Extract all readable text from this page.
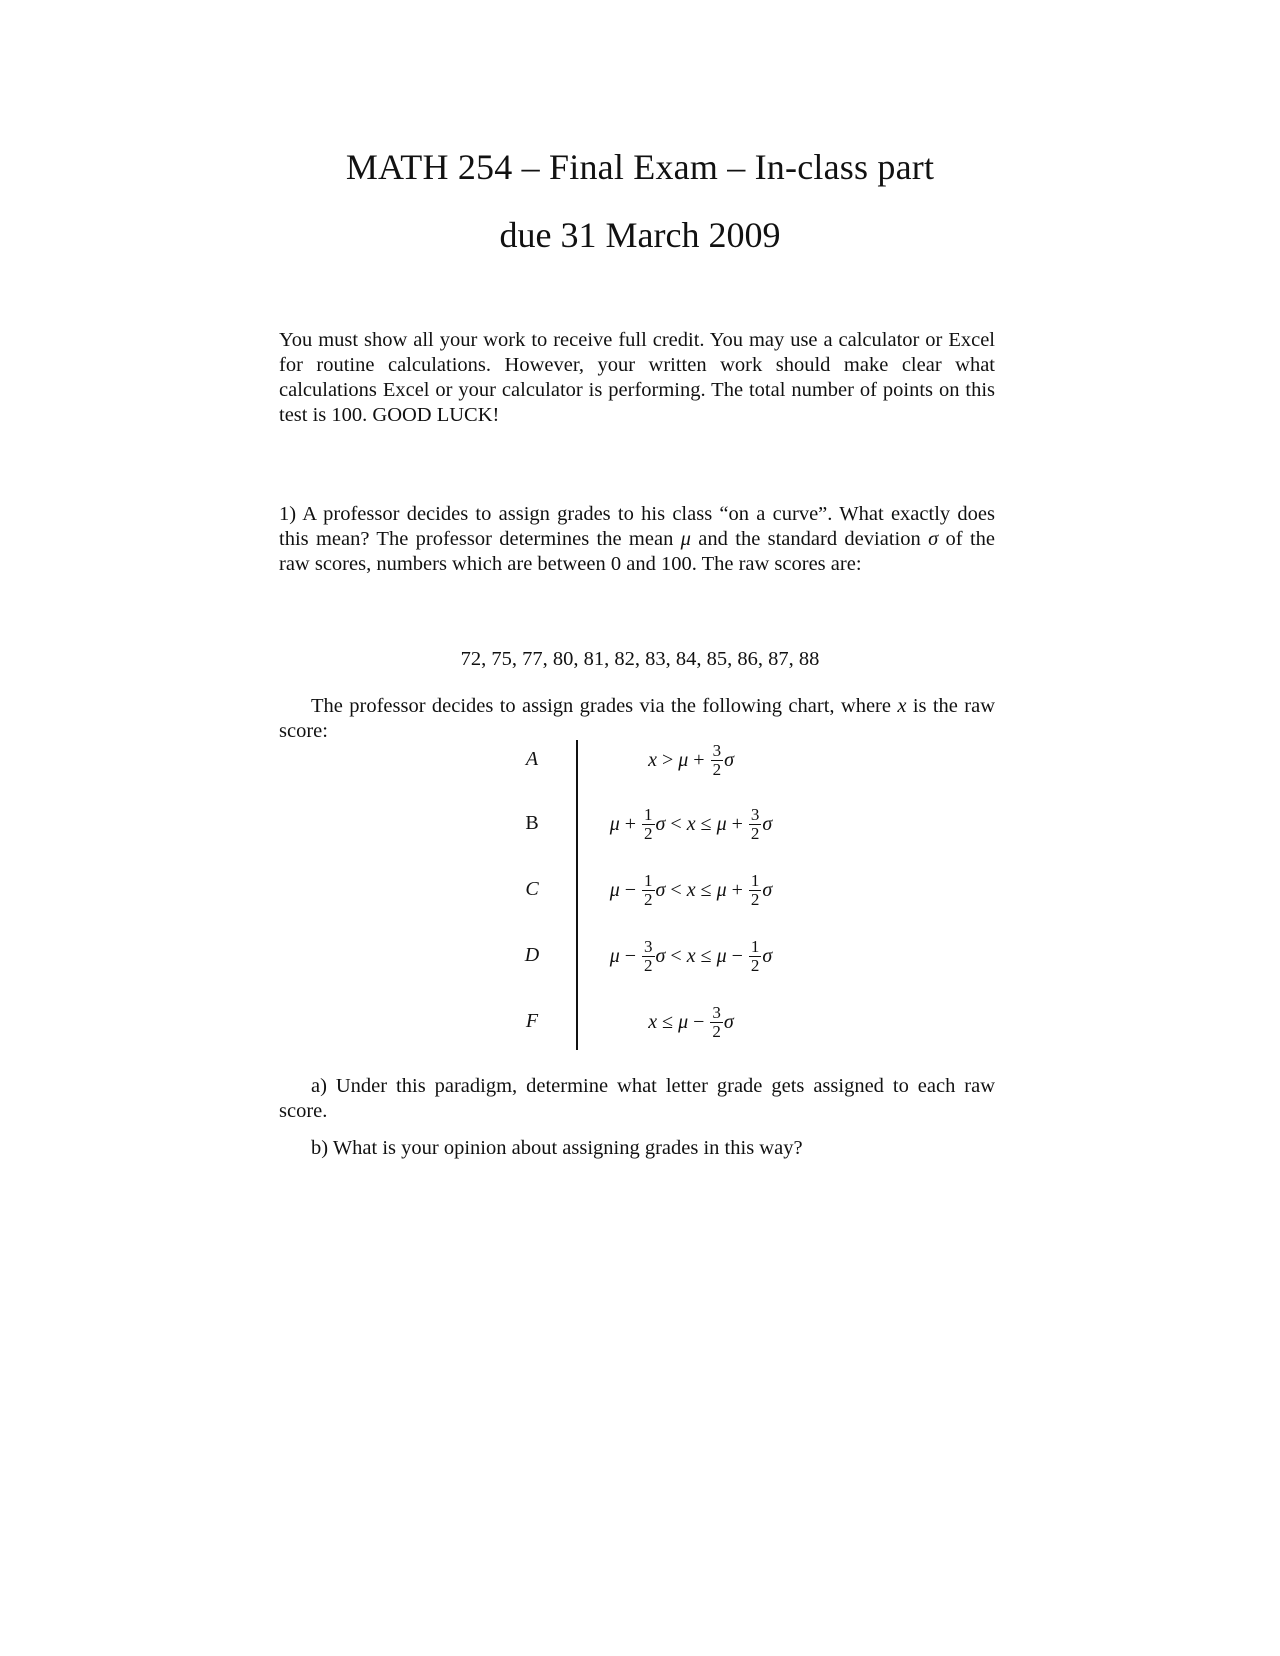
MATH 254 – Final Exam – In-class part
due 31 March 2009
You must show all your work to receive full credit. You may use a calculator or Excel for routine calculations. However, your written work should make clear what calculations Excel or your calculator is performing. The total number of points on this test is 100. GOOD LUCK!
1) A professor decides to assign grades to his class “on a curve”. What exactly does this mean? The professor determines the mean μ and the standard deviation σ of the raw scores, numbers which are between 0 and 100. The raw scores are:
72, 75, 77, 80, 81, 82, 83, 84, 85, 86, 87, 88
The professor decides to assign grades via the following chart, where x is the raw score:
A	$x > \mu + \frac{3}{2}$ σ
B	$\mu + \frac{1}{2}$ $\sigma < x \le \mu + \frac{3}{2}$ σ
C	$\mu - \frac{1}{2}$ $\sigma < x \le \mu + \frac{1}{2}$ σ
D	$\mu - \frac{3}{2}$ $\sigma < x \le \mu - \frac{1}{2}$ σ
F	$x \le \mu - \frac{3}{2}$ σ
a) Under this paradigm, determine what letter grade gets assigned to each raw score.
b) What is your opinion about assigning grades in this way?
